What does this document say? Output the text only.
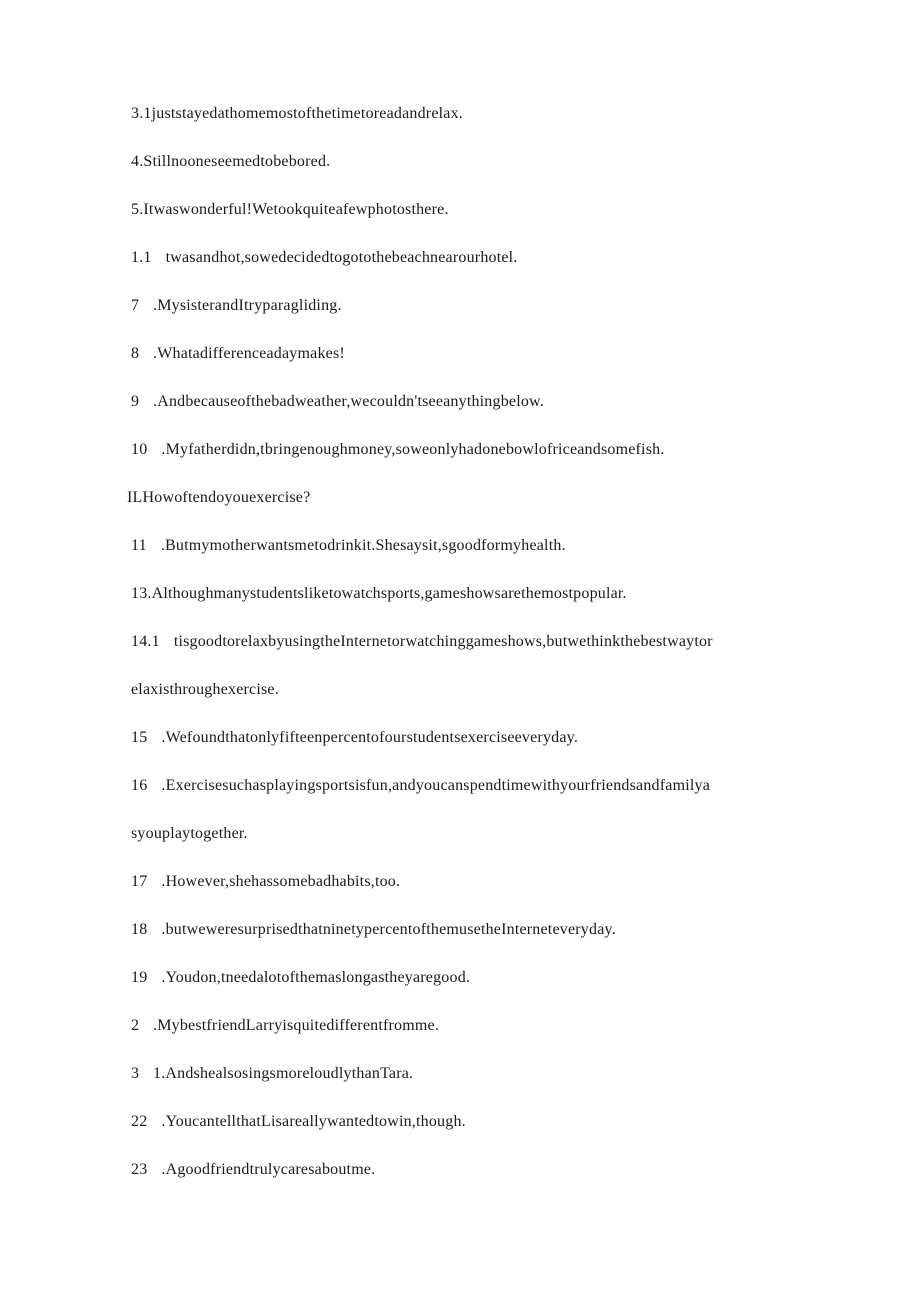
3.1juststayedathomemostofthetimetoreadandrelax.
4.Stillnooneseemedtobebored.
5.Itwaswonderful!Wetookquiteafewphotosthere.
1.1 twasandhot,sowedecidedtogotothebeachnearourhotel.
7 .MysisterandItryparagliding.
8 .Whatadifferenceadaymakes!
9 .Andbecauseofthebadweather,wecouldn'tseeanythingbelow.
10 .Myfatherdidn,tbringenoughmoney,soweonlyhadonebowlofriceandsomefish.
ILHowoftendoyouexercise?
11 .Butmymotherwantsmetodrinkit.Shesaysit,sgoodformyhealth.
13.Althoughmanystudentsliketowatchsports,gameshowsarethemostpopular.
14.1 tisgoodtorelaxbyusingtheInternetorwatchinggameshows,butwethinkthebestwaytor
elaxisthroughexercise.
15 .Wefoundthatonlyfifteenpercentofourstudentsexerciseeveryday.
16 .Exercisesuchasplayingsportsisfun,andyoucanspendtimewithyourfriendsandfamilya
syouplaytogether.
17 .However,shehassomebadhabits,too.
18 .butweweresurprisedthatninetypercentofthemusetheInterneteveryday.
19 .Youdon,tneedalotofthemaslongastheyaregood.
2 .MybestfriendLarryisquitedifferentfromme.
3 1.AndshealsosingsmoreloudlythanTara.
22 .YoucantellthatLisareallywantedtowin,though.
23 .Agoodfriendtrulycaresaboutme.
